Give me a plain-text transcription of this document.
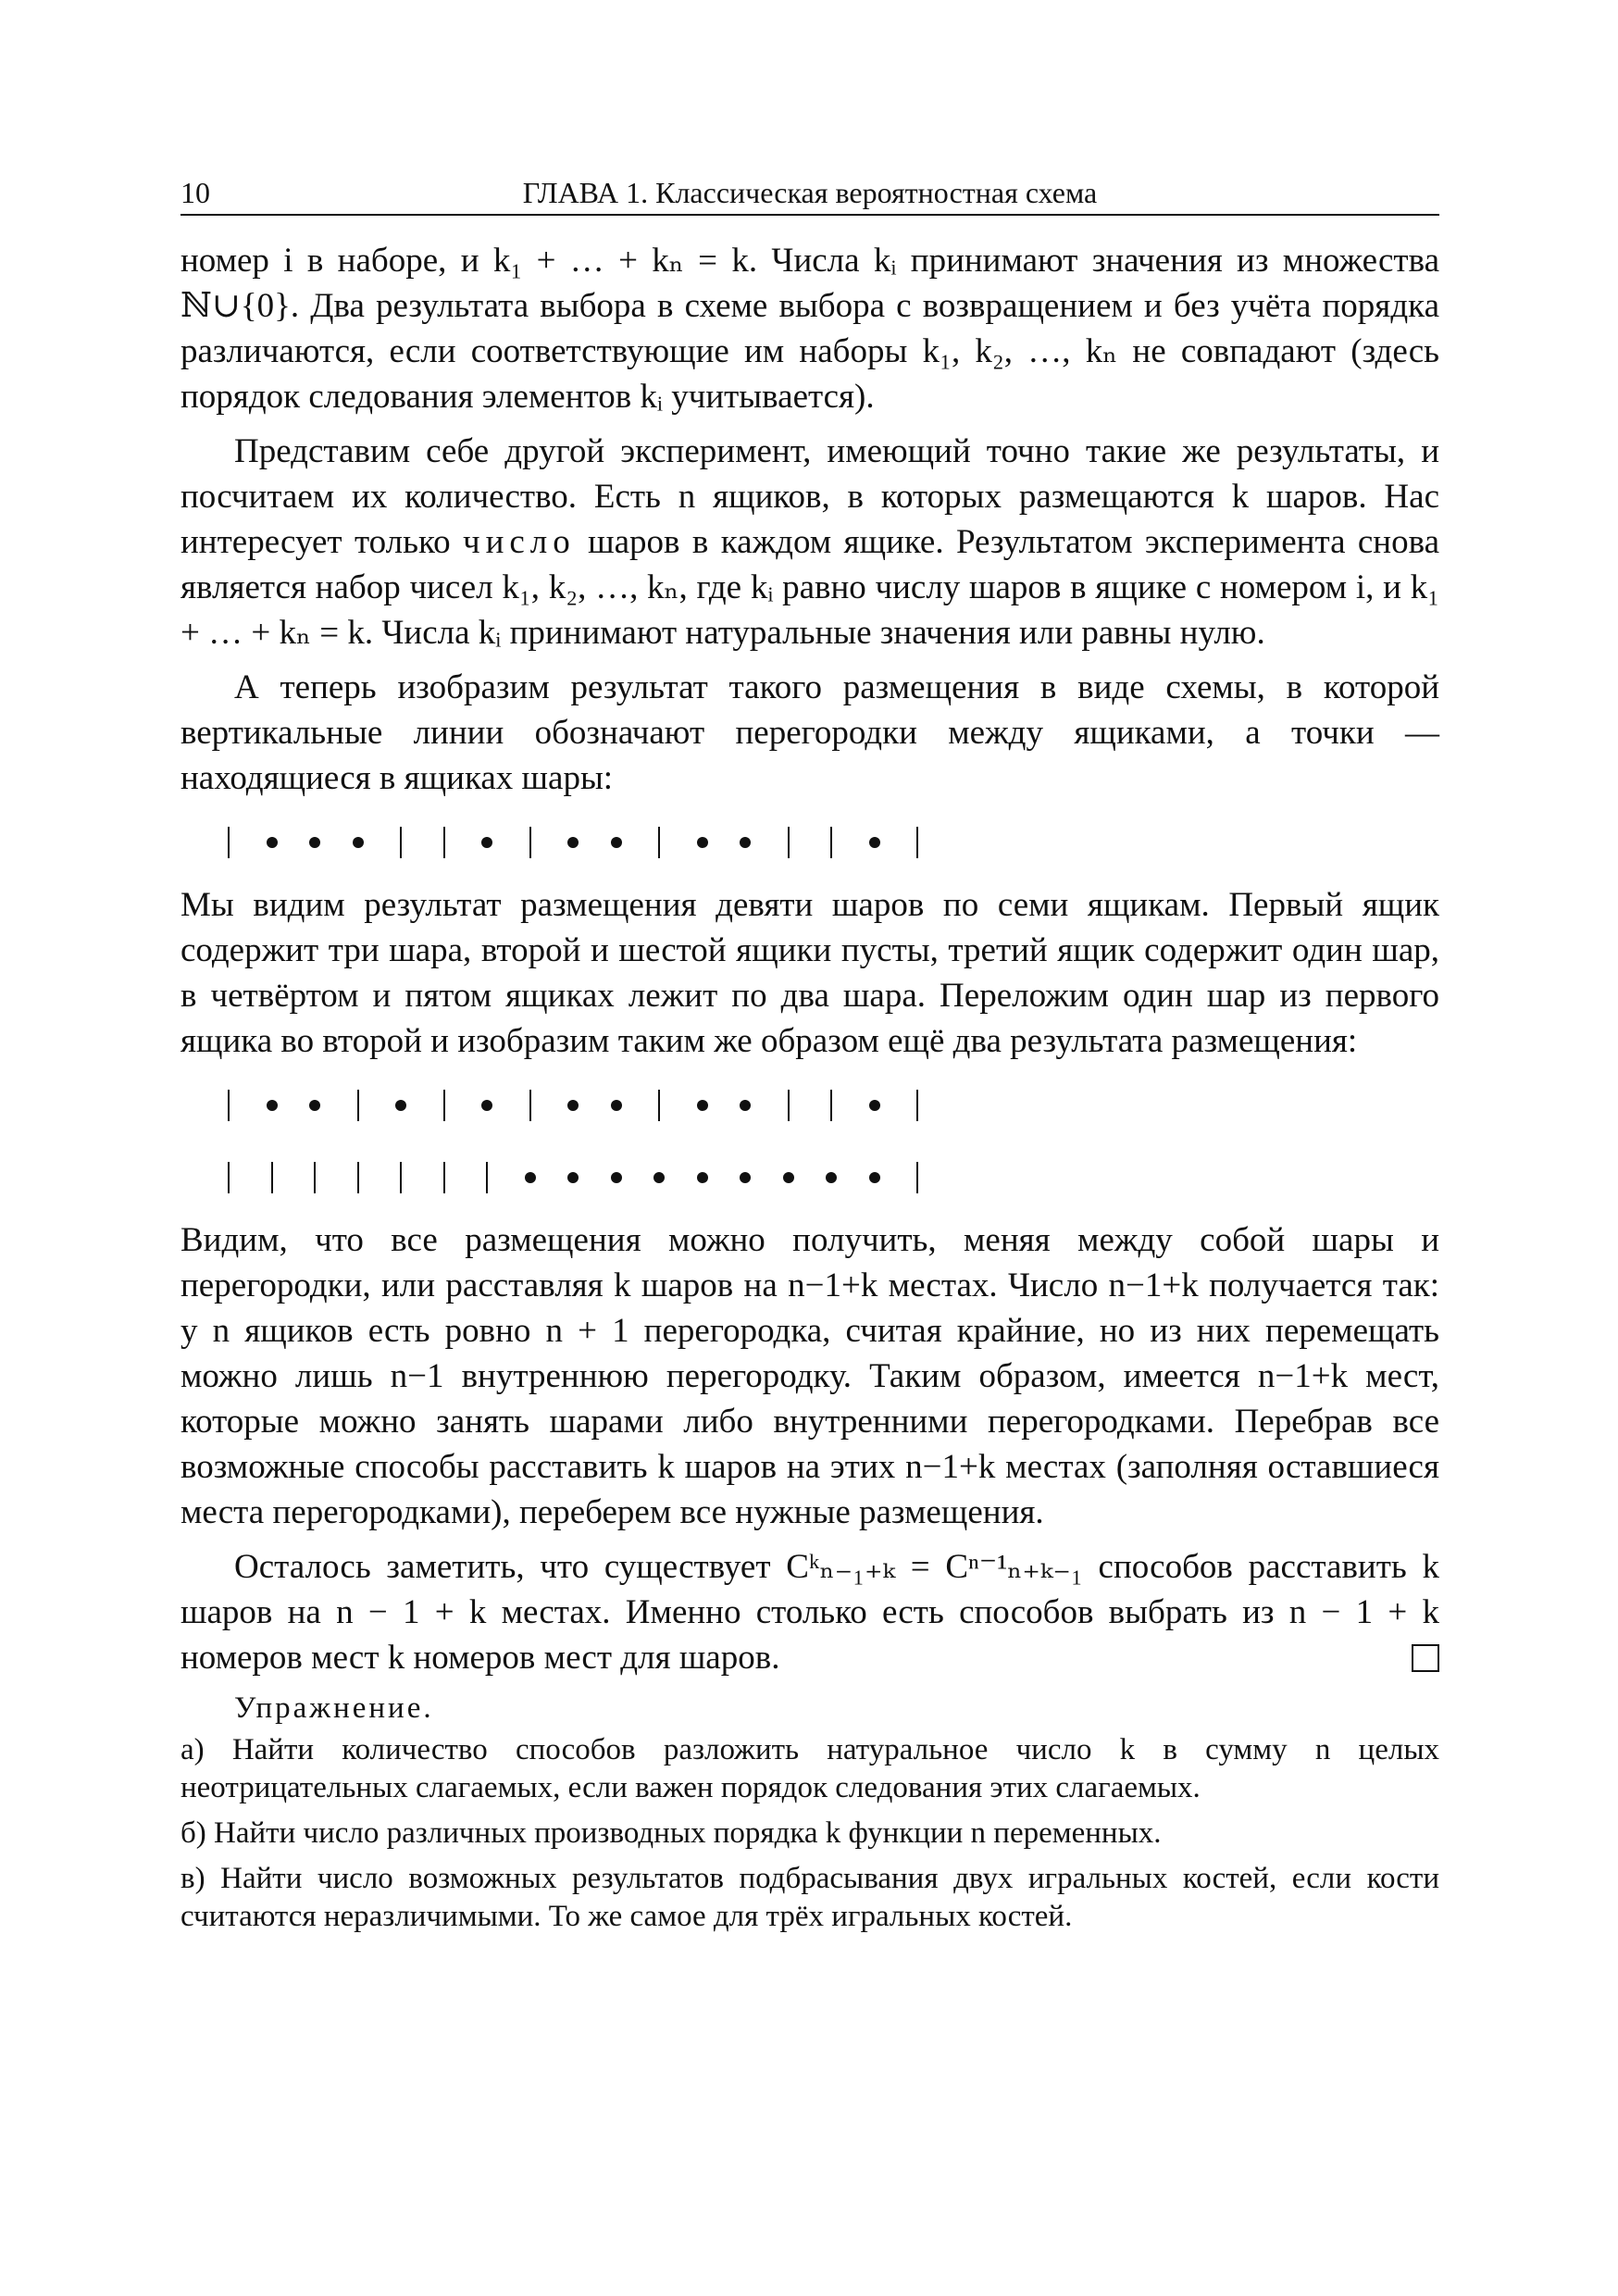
10	ГЛАВА 1. Классическая вероятностная схема

номер i в наборе, и k₁ + … + kₙ = k. Числа kᵢ принимают значения из множества ℕ∪{0}. Два результата выбора в схеме выбора с возвращением и без учёта порядка различаются, если соответствующие им наборы k₁, k₂, …, kₙ не совпадают (здесь порядок следования элементов kᵢ учитывается).

Представим себе другой эксперимент, имеющий точно такие же результаты, и посчитаем их количество. Есть n ящиков, в которых размещаются k шаров. Нас интересует только число шаров в каждом ящике. Результатом эксперимента снова является набор чисел k₁, k₂, …, kₙ, где kᵢ равно числу шаров в ящике с номером i, и k₁ + … + kₙ = k. Числа kᵢ принимают натуральные значения или равны нулю.

А теперь изобразим результат такого размещения в виде схемы, в которой вертикальные линии обозначают перегородки между ящиками, а точки — находящиеся в ящиках шары:

Мы видим результат размещения девяти шаров по семи ящикам. Первый ящик содержит три шара, второй и шестой ящики пусты, третий ящик содержит один шар, в четвёртом и пятом ящиках лежит по два шара. Переложим один шар из первого ящика во второй и изобразим таким же образом ещё два результата размещения:

Видим, что все размещения можно получить, меняя между собой шары и перегородки, или расставляя k шаров на n−1+k местах. Число n−1+k получается так: у n ящиков есть ровно n + 1 перегородка, считая крайние, но из них перемещать можно лишь n−1 внутреннюю перегородку. Таким образом, имеется n−1+k мест, которые можно занять шарами либо внутренними перегородками. Перебрав все возможные способы расставить k шаров на этих n−1+k местах (заполняя оставшиеся места перегородками), переберем все нужные размещения.

Осталось заметить, что существует Cᵏₙ₋₁₊ₖ = Cⁿ⁻¹ₙ₊ₖ₋₁ способов расставить k шаров на n − 1 + k местах. Именно столько есть способов выбрать из n − 1 + k номеров мест k номеров мест для шаров.

Упражнение.

а) Найти количество способов разложить натуральное число k в сумму n целых неотрицательных слагаемых, если важен порядок следования этих слагаемых.

б) Найти число различных производных порядка k функции n переменных.

в) Найти число возможных результатов подбрасывания двух игральных костей, если кости считаются неразличимыми. То же самое для трёх игральных костей.
